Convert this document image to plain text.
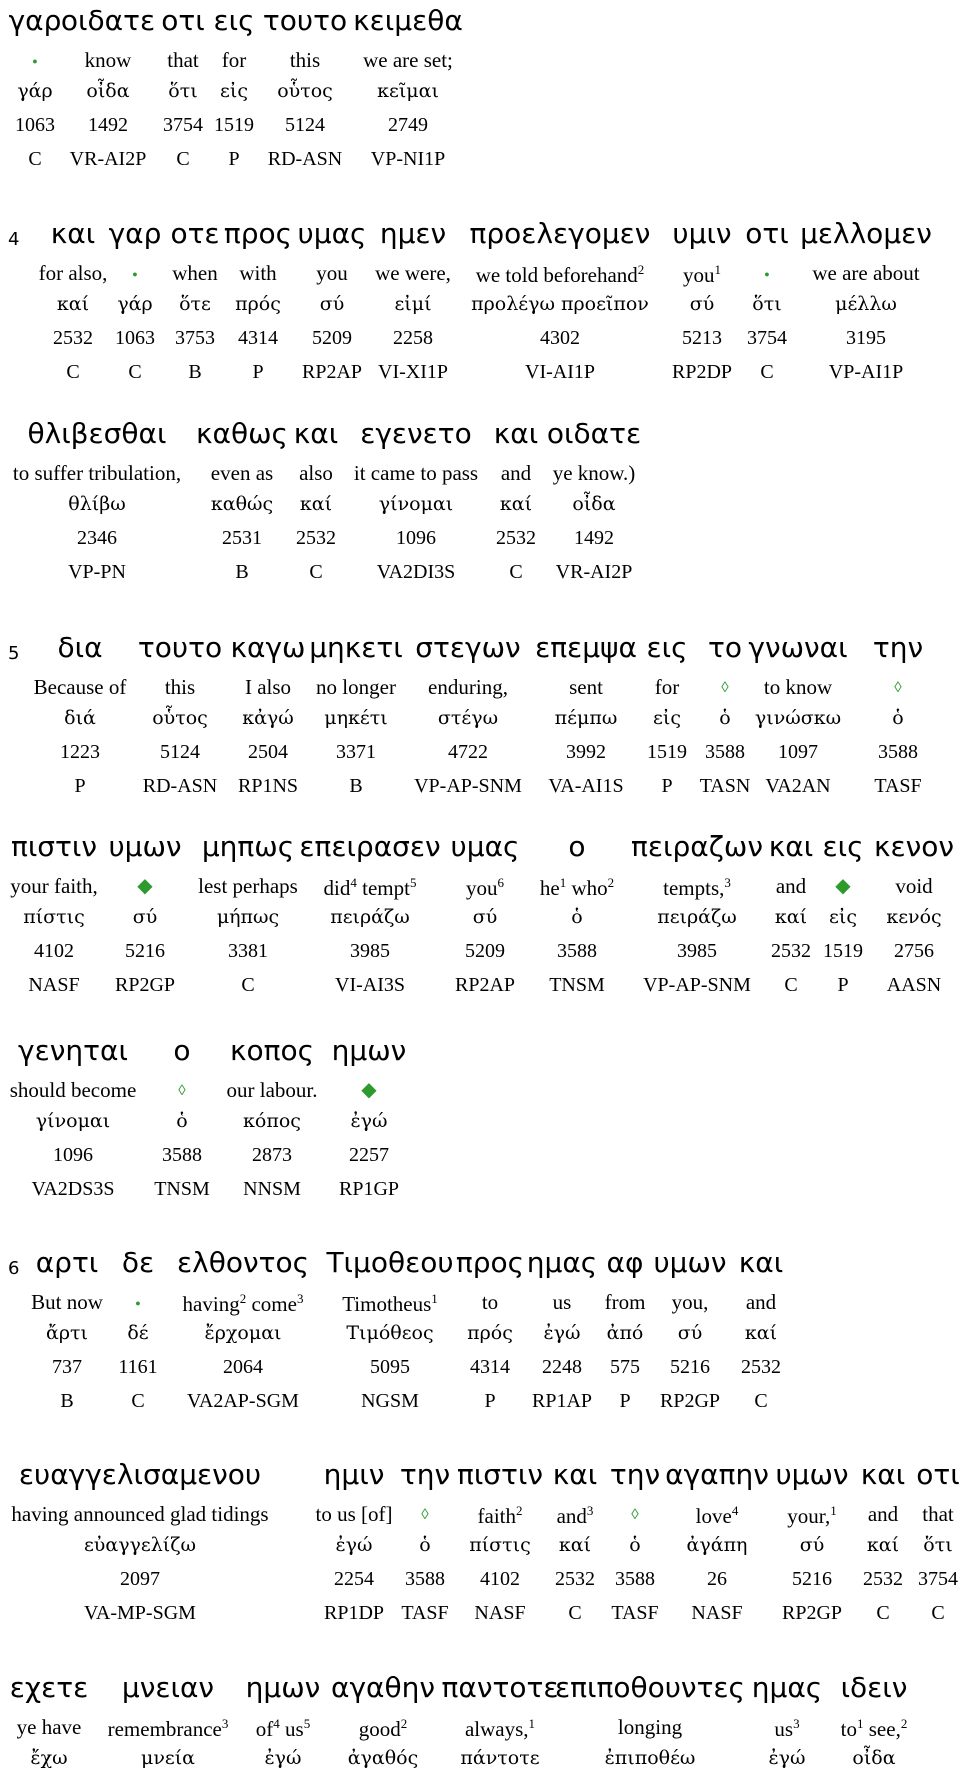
γαρ
●
γάρ
1063
C
οιδατε
know
οἶδα
1492
VR-AI2P
οτι
that
ὅτι
3754
C
εις
for
εἰς
1519
P
τουτο
this
οὗτος
5124
RD-ASN
κειμεθα
we are set;
κεῖμαι
2749
VP-NI1P
4 και
for also,
καί
2532
C
γαρ
●
γάρ
1063
C
οτε
when
ὅτε
3753
B
προς
with
πρός
4314
P
υμας
you
σύ
5209
RP2AP
ημεν
we were,
εἰμί
2258
VI-XI1P
προελεγομεν
we told beforehand$^2$
προλέγω προεῖπον
4302
VI-AI1P
υμιν
you$^1$
σύ
5213
RP2DP
οτι
●
ὅτι
3754
C
μελλομεν
we are about
μέλλω
3195
VP-AI1P
θλιβεσθαι
to suffer tribulation,
θλίβω
2346
VP-PN
καθως
even as
καθώς
2531
B
και
also
καί
2532
C
εγενετο
it came to pass
γίνομαι
1096
VA2DI3S
και
and
καί
2532
C
οιδατε
ye know.)
οἶδα
1492
VR-AI2P
5 δια
Because of
διά
1223
P
τουτο
this
οὗτος
5124
RD-ASN
καγω
I also
κἀγώ
2504
RP1NS
μηκετι
no longer
μηκέτι
3371
B
στεγων
enduring,
στέγω
4722
VP-AP-SNM
επεμψα
sent
πέμπω
3992
VA-AI1S
εις
for
εἰς
1519
P
το
◊
ὁ
3588
TASN
γνωναι
to know
γινώσκω
1097
VA2AN
την
◊
ὁ
3588
TASF
πιστιν
your faith,
πίστις
4102
NASF
υμων
◆
σύ
5216
RP2GP
μηπως
lest perhaps
μήπως
3381
C
επειρασεν
did$^4$ tempt$^5$
πειράζω
3985
VI-AI3S
υμας
you$^6$
σύ
5209
RP2AP
ο
$he^1$ who$^2$
ὁ
3588
TNSM
πειραζων
tempts,$^3$
πειράζω
3985
VP-AP-SNM
και
and
καί
2532
C
εις
◆
εἰς
1519
P
κενον
void
κενός
2756
AASN
γενηται
should become
γίνομαι
1096
VA2DS3S
ο
◊
ὁ
3588
TNSM
κοπος
our labour.
κόπος
2873
NNSM
ημων
◆
ἐγώ
2257
RP1GP
6 αρτι
But now
ἄρτι
737
B
δε
●
δέ
1161
C
ελθοντος
having$^2$ come$^3$
ἔρχομαι
2064
VA2AP-SGM
Τιμοθεου
Timotheus$^1$
Τιμόθεος
5095
NGSM
προς
to
πρός
4314
P
ημας
us
ἐγώ
2248
RP1AP
αφ
from
ἀπό
575
P
υμων
you,
σύ
5216
RP2GP
και
and
καί
2532
C
ευαγγελισαμενου
having announced glad tidings
εὐαγγελίζω
2097
VA-MP-SGM
ημιν
to us [of]
ἐγώ
2254
RP1DP
την
◊
ὁ
3588
TASF
πιστιν
faith$^2$
πίστις
4102
NASF
και
and$^3$
καί
2532
C
την
◊
ὁ
3588
TASF
αγαπην
love$^4$
ἀγάπη
26
NASF
υμων
your,$^1$
σύ
5216
RP2GP
και
and
καί
2532
C
οτι
that
ὅτι
3754
C
εχετε
ye have
ἔχω
μνειαν
remembrance$^3$
μνεία
ημων
$of^4$ $us^5$
ἐγώ
αγαθην
good$^2$
ἀγαθός
παντοτε
always,$^1$
πάντοτε
επιποθουντες
longing
ἐπιποθέω
ημας
$us^3$
ἐγώ
ιδειν
$to^1$ see,$^2$
οἶδα
